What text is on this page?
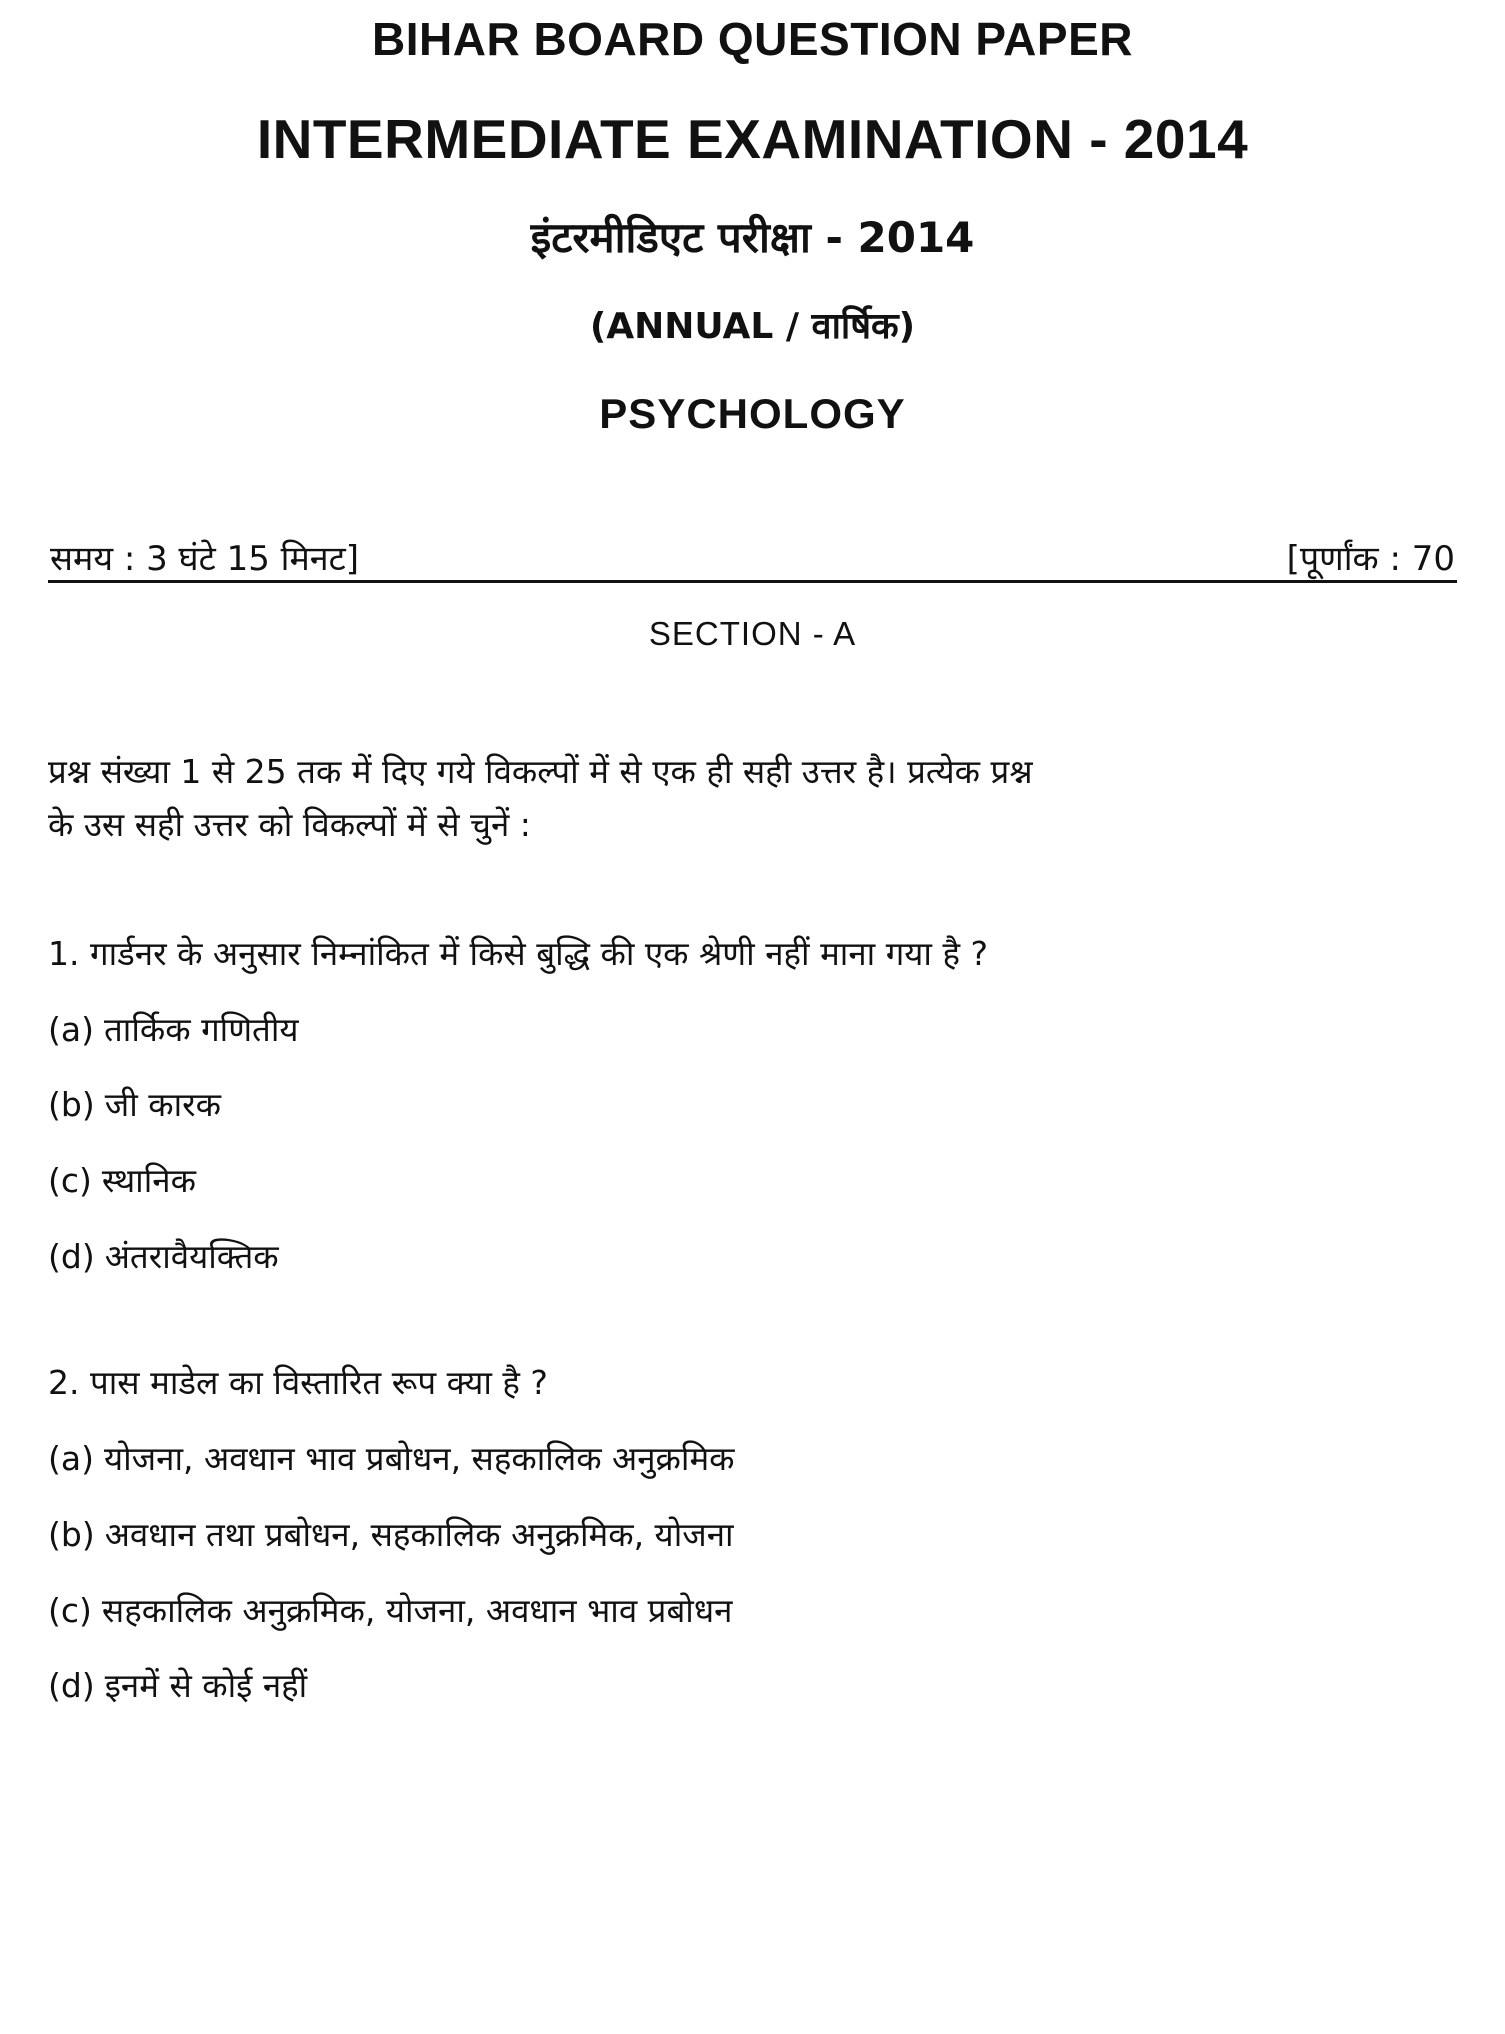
BIHAR BOARD QUESTION PAPER
INTERMEDIATE EXAMINATION - 2014
इंटरमीडिएट परीक्षा - 2014
(ANNUAL / वार्षिक)
PSYCHOLOGY
समय : 3 घंटे 15 मिनट]	[पूर्णांक : 70
SECTION - A
प्रश्न संख्या 1 से 25 तक में दिए गये विकल्पों में से एक ही सही उत्तर है। प्रत्येक प्रश्न
के उस सही उत्तर को विकल्पों में से चुनें :
1. गार्डनर के अनुसार निम्नांकित में किसे बुद्धि की एक श्रेणी नहीं माना गया है ?
(a) तार्किक गणितीय
(b) जी कारक
(c) स्थानिक
(d) अंतरावैयक्तिक
2. पास माडेल का विस्तारित रूप क्या है ?
(a) योजना, अवधान भाव प्रबोधन, सहकालिक अनुक्रमिक
(b) अवधान तथा प्रबोधन, सहकालिक अनुक्रमिक, योजना
(c) सहकालिक अनुक्रमिक, योजना, अवधान भाव प्रबोधन
(d) इनमें से कोई नहीं
